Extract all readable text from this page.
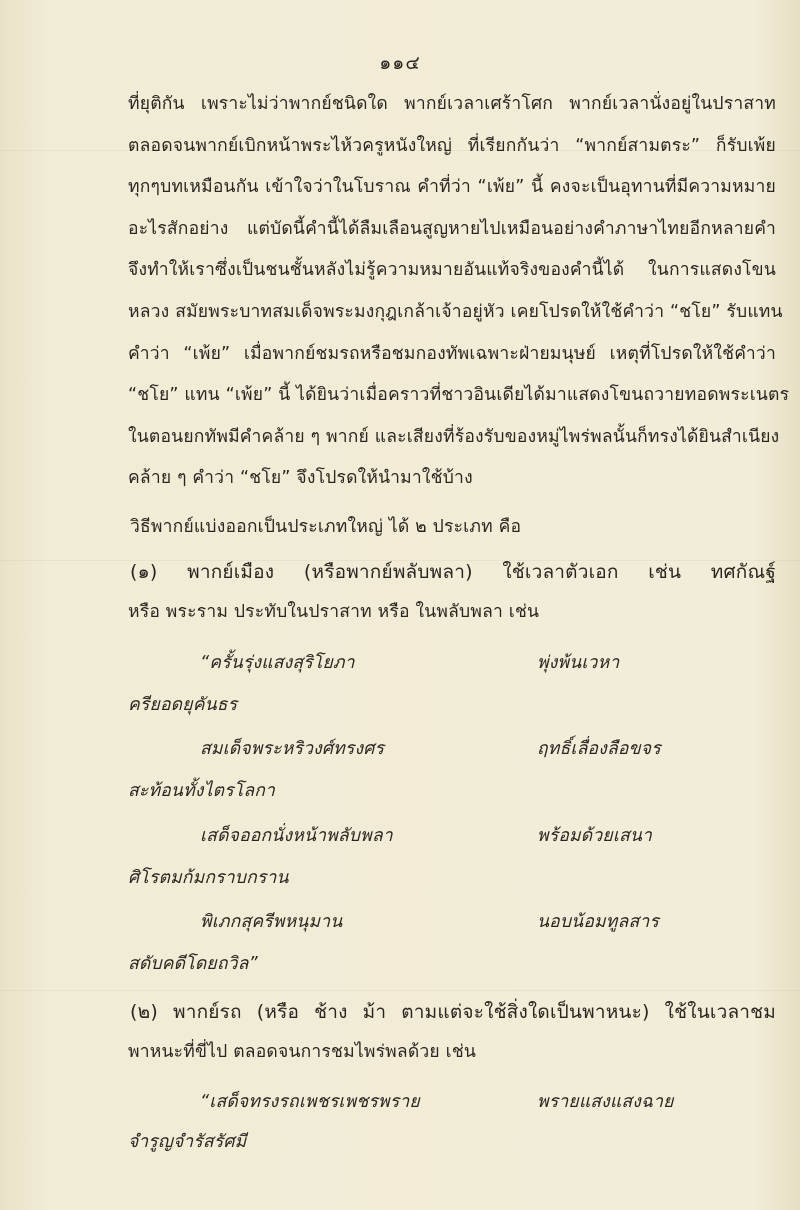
๑๑๔
ที่ยุติกัน เพราะไม่ว่าพากย์ชนิดใด พากย์เวลาเศร้าโศก พากย์เวลานั่งอยู่ในปราสาท
ตลอดจนพากย์เบิกหน้าพระไห้วครูหนังใหญ่ ที่เรียกกันว่า “พากย์สามตระ” ก็รับเพ้ย
ทุกๆบทเหมือนกัน เข้าใจว่าในโบราณ คำที่ว่า “เพ้ย” นี้ คงจะเป็นอุทานที่มีความหมาย
อะไรสักอย่าง แต่บัดนี้คำนี้ได้ลืมเลือนสูญหายไปเหมือนอย่างคำภาษาไทยอีกหลายคำ
จึงทำให้เราซึ่งเป็นชนชั้นหลังไม่รู้ความหมายอันแท้จริงของคำนี้ได้ ในการแสดงโขน
หลวง สมัยพระบาทสมเด็จพระมงกุฎเกล้าเจ้าอยู่หัว เคยโปรดให้ใช้คำว่า “ชโย” รับแทน
คำว่า “เพ้ย” เมื่อพากย์ชมรถหรือชมกองทัพเฉพาะฝ่ายมนุษย์ เหตุที่โปรดให้ใช้คำว่า
“ชโย” แทน “เพ้ย” นี้ ได้ยินว่าเมื่อคราวที่ชาวอินเดียได้มาแสดงโขนถวายทอดพระเนตร
ในตอนยกทัพมีคำคล้าย ๆ พากย์ และเสียงที่ร้องรับของหมู่ไพร่พลนั้นก็ทรงได้ยินสำเนียง
คล้าย ๆ คำว่า “ชโย” จึงโปรดให้นำมาใช้บ้าง
วิธีพากย์แบ่งออกเป็นประเภทใหญ่ ได้ ๒ ประเภท คือ
(๑) พากย์เมือง (หรือพากย์พลับพลา) ใช้เวลาตัวเอก เช่น ทศกัณฐ์
หรือ พระราม ประทับในปราสาท หรือ ในพลับพลา เช่น
“ครั้นรุ่งแสงสุริโยภา	พุ่งพ้นเวหา
ครียอดยุคันธร
สมเด็จพระหริวงศ์ทรงศร	ฤทธิ์เลื่องลือขจร
สะท้อนทั้งไตรโลกา
เสด็จออกนั่งหน้าพลับพลา	พร้อมด้วยเสนา
ศิโรตมก้มกราบกราน
พิเภกสุครีพหนุมาน	นอบน้อมทูลสาร
สดับคดีโดยถวิล”
(๒) พากย์รถ (หรือ ช้าง ม้า ตามแต่จะใช้สิ่งใดเป็นพาหนะ) ใช้ในเวลาชม
พาหนะที่ขี่ไป ตลอดจนการชมไพร่พลด้วย เช่น
“เสด็จทรงรถเพชรเพชรพราย	พรายแสงแสงฉาย
จำรูญจำรัสรัศมี
